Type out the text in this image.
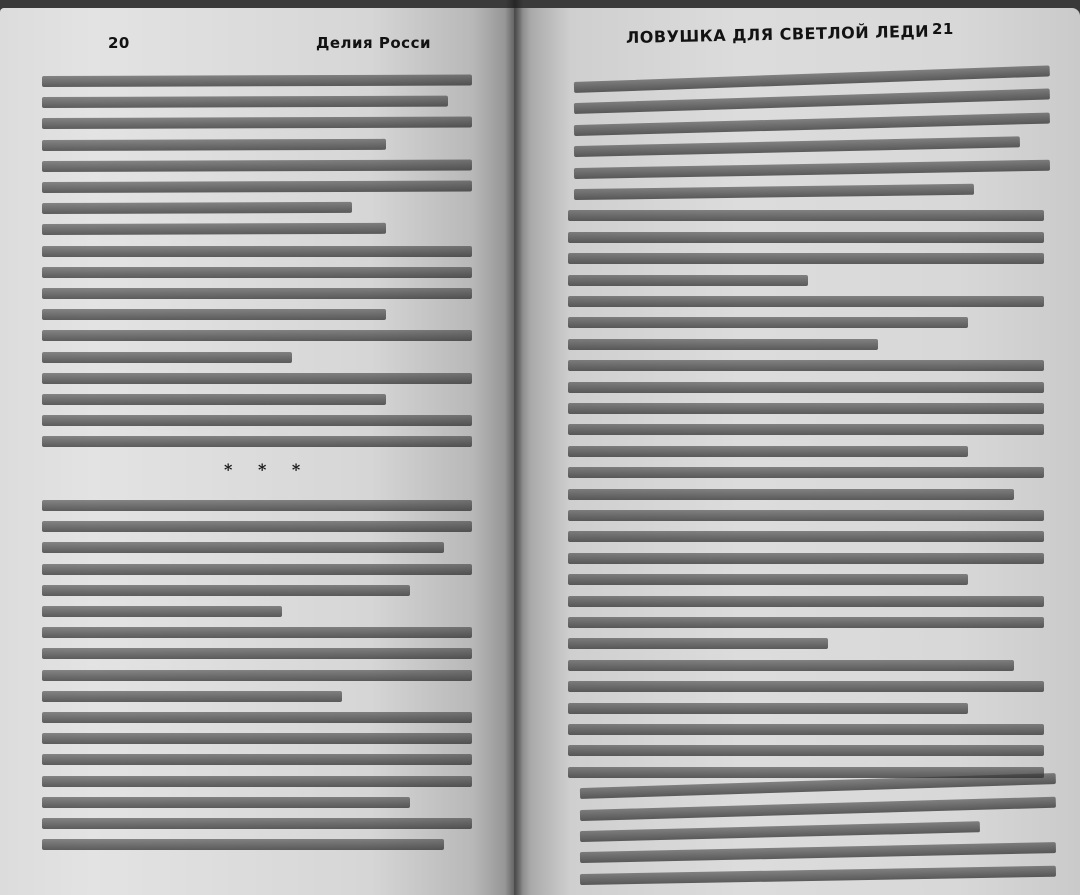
20	Делия Росси
* * *
ЛОВУШКА ДЛЯ СВЕТЛОЙ ЛЕДИ 21
